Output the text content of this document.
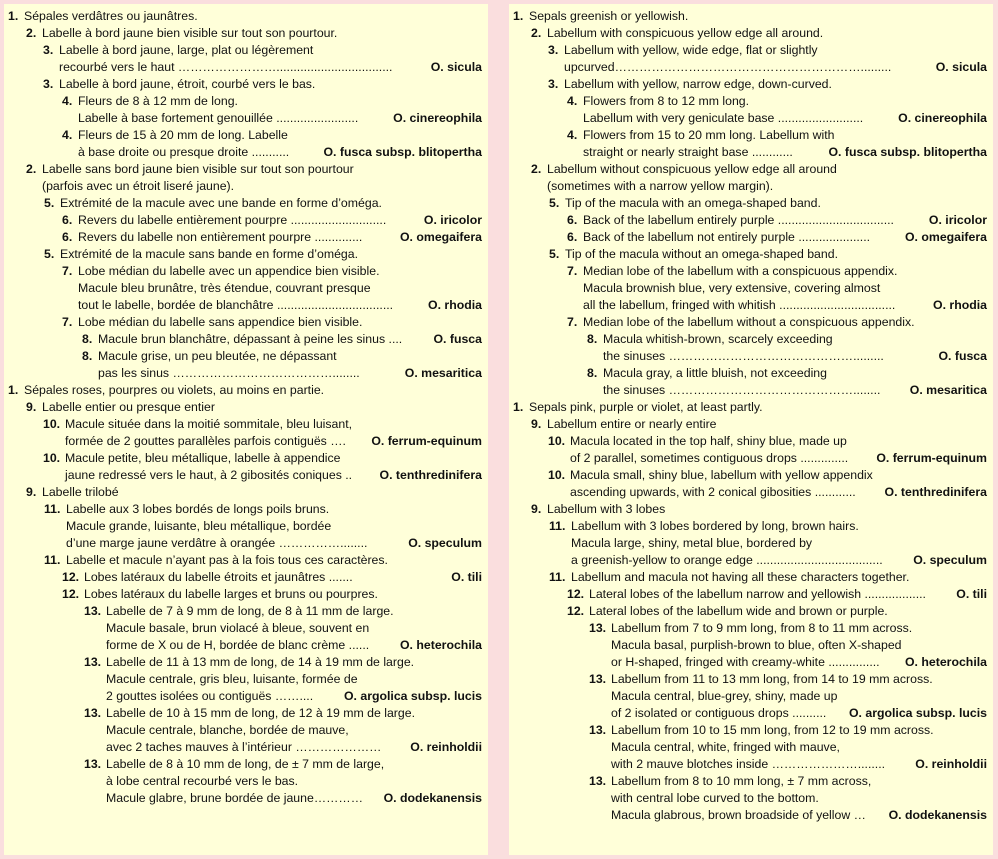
1. Sépales verdâtres ou jaunâtres.
2. Labelle à bord jaune bien visible sur tout son pourtour.
3. Labelle à bord jaune, large, plat ou légèrement
recourbé vers le haut ……………………..................................	O. sicula
3. Labelle à bord jaune, étroit, courbé vers le bas.
4. Fleurs de 8 à 12 mm de long.
Labelle à base fortement genouillée ........................	O. cinereophila
4. Fleurs de 15 à 20 mm de long. Labelle
à base droite ou presque droite ...........	O. fusca subsp. blitopertha
2. Labelle sans bord jaune bien visible sur tout son pourtour
(parfois avec un étroit liseré jaune).
5. Extrémité de la macule avec une bande en forme d’oméga.
6. Revers du labelle entièrement pourpre ............................	O. iricolor
6. Revers du labelle non entièrement pourpre ..............	O. omegaifera
5. Extrémité de la macule sans bande en forme d’oméga.
7. Lobe médian du labelle avec un appendice bien visible.
Macule bleu brunâtre, très étendue, couvrant presque
tout le labelle, bordée de blanchâtre ..................................	O. rhodia
7. Lobe médian du labelle sans appendice bien visible.
8. Macule brun blanchâtre, dépassant à peine les sinus ....	O. fusca
8. Macule grise, un peu bleutée, ne dépassant
pas les sinus …………………………………........	O. mesaritica
1. Sépales roses, pourpres ou violets, au moins en partie.
9. Labelle entier ou presque entier
10. Macule située dans la moitié sommitale, bleu luisant,
formée de 2 gouttes parallèles parfois contiguës …. O. ferrum-equinum
10. Macule petite, bleu métallique, labelle à appendice
jaune redressé vers le haut, à 2 gibosités coniques .. O. tenthredinifera
9. Labelle trilobé
11. Labelle aux 3 lobes bordés de longs poils bruns.
Macule grande, luisante, bleu métallique, bordée
d’une marge jaune verdâtre à orangée ……………........	O. speculum
11. Labelle et macule n’ayant pas à la fois tous ces caractères.
12. Lobes latéraux du labelle étroits et jaunâtres .......	O. tili
12. Lobes latéraux du labelle larges et bruns ou pourpres.
13. Labelle de 7 à 9 mm de long, de 8 à 11 mm de large.
Macule basale, brun violacé à bleue, souvent en
forme de X ou de H, bordée de blanc crème ......	O. heterochila
13. Labelle de 11 à 13 mm de long, de 14 à 19 mm de large.
Macule centrale, gris bleu, luisante, formée de
2 gouttes isolées ou contiguës ……....	O. argolica subsp. lucis
13. Labelle de 10 à 15 mm de long, de 12 à 19 mm de large.
Macule centrale, blanche, bordée de mauve,
avec 2 taches mauves à l’intérieur ………………… O. reinholdii
13. Labelle de 8 à 10 mm de long, de ± 7 mm de large,
à lobe central recourbé vers le bas.
Macule glabre, brune bordée de jaune………… O. dodekanensis
1. Sepals greenish or yellowish.
2. Labellum with conspicuous yellow edge all around.
3. Labellum with yellow, wide edge, flat or slightly
upcurved…………………………………………………….........	O. sicula
3. Labellum with yellow, narrow edge, down-curved.
4. Flowers from 8 to 12 mm long.
Labellum with very geniculate base .........................	O. cinereophila
4. Flowers from 15 to 20 mm long. Labellum with
straight or nearly straight base ............	O. fusca subsp. blitopertha
2. Labellum without conspicuous yellow edge all around
(sometimes with a narrow yellow margin).
5. Tip of the macula with an omega-shaped band.
6. Back of the labellum entirely purple ..................................	O. iricolor
6. Back of the labellum not entirely purple .....................	O. omegaifera
5. Tip of the macula without an omega-shaped band.
7. Median lobe of the labellum with a conspicuous appendix.
Macula brownish blue, very extensive, covering almost
all the labellum, fringed with whitish ..................................	O. rhodia
7. Median lobe of the labellum without a conspicuous appendix.
8. Macula whitish-brown, scarcely exceeding
the sinuses ……………………………………….........	O. fusca
8. Macula gray, a little bluish, not exceeding
the sinuses ………………………………………........ O. mesaritica
1. Sepals pink, purple or violet, at least partly.
9. Labellum entire or nearly entire
10. Macula located in the top half, shiny blue, made up
of 2 parallel, sometimes contiguous drops .............. O. ferrum-equinum
10. Macula small, shiny blue, labellum with yellow appendix
ascending upwards, with 2 conical gibosities ............ O. tenthredinifera
9. Labellum with 3 lobes
11. Labellum with 3 lobes bordered by long, brown hairs.
Macula large, shiny, metal blue, bordered by
a greenish-yellow to orange edge ..................................... O. speculum
11. Labellum and macula not having all these characters together.
12. Lateral lobes of the labellum narrow and yellowish .................. O. tili
12. Lateral lobes of the labellum wide and brown or purple.
13. Labellum from 7 to 9 mm long, from 8 to 11 mm across.
Macula basal, purplish-brown to blue, often X-shaped
or H-shaped, fringed with creamy-white ............... O. heterochila
13. Labellum from 11 to 13 mm long, from 14 to 19 mm across.
Macula central, blue-grey, shiny, made up
of 2 isolated or contiguous drops .......... O. argolica subsp. lucis
13. Labellum from 10 to 15 mm long, from 12 to 19 mm across.
Macula central, white, fringed with mauve,
with 2 mauve blotches inside …………………........ O. reinholdii
13. Labellum from 8 to 10 mm long, ± 7 mm across,
with central lobe curved to the bottom.
Macula glabrous, brown broadside of yellow … O. dodekanensis
